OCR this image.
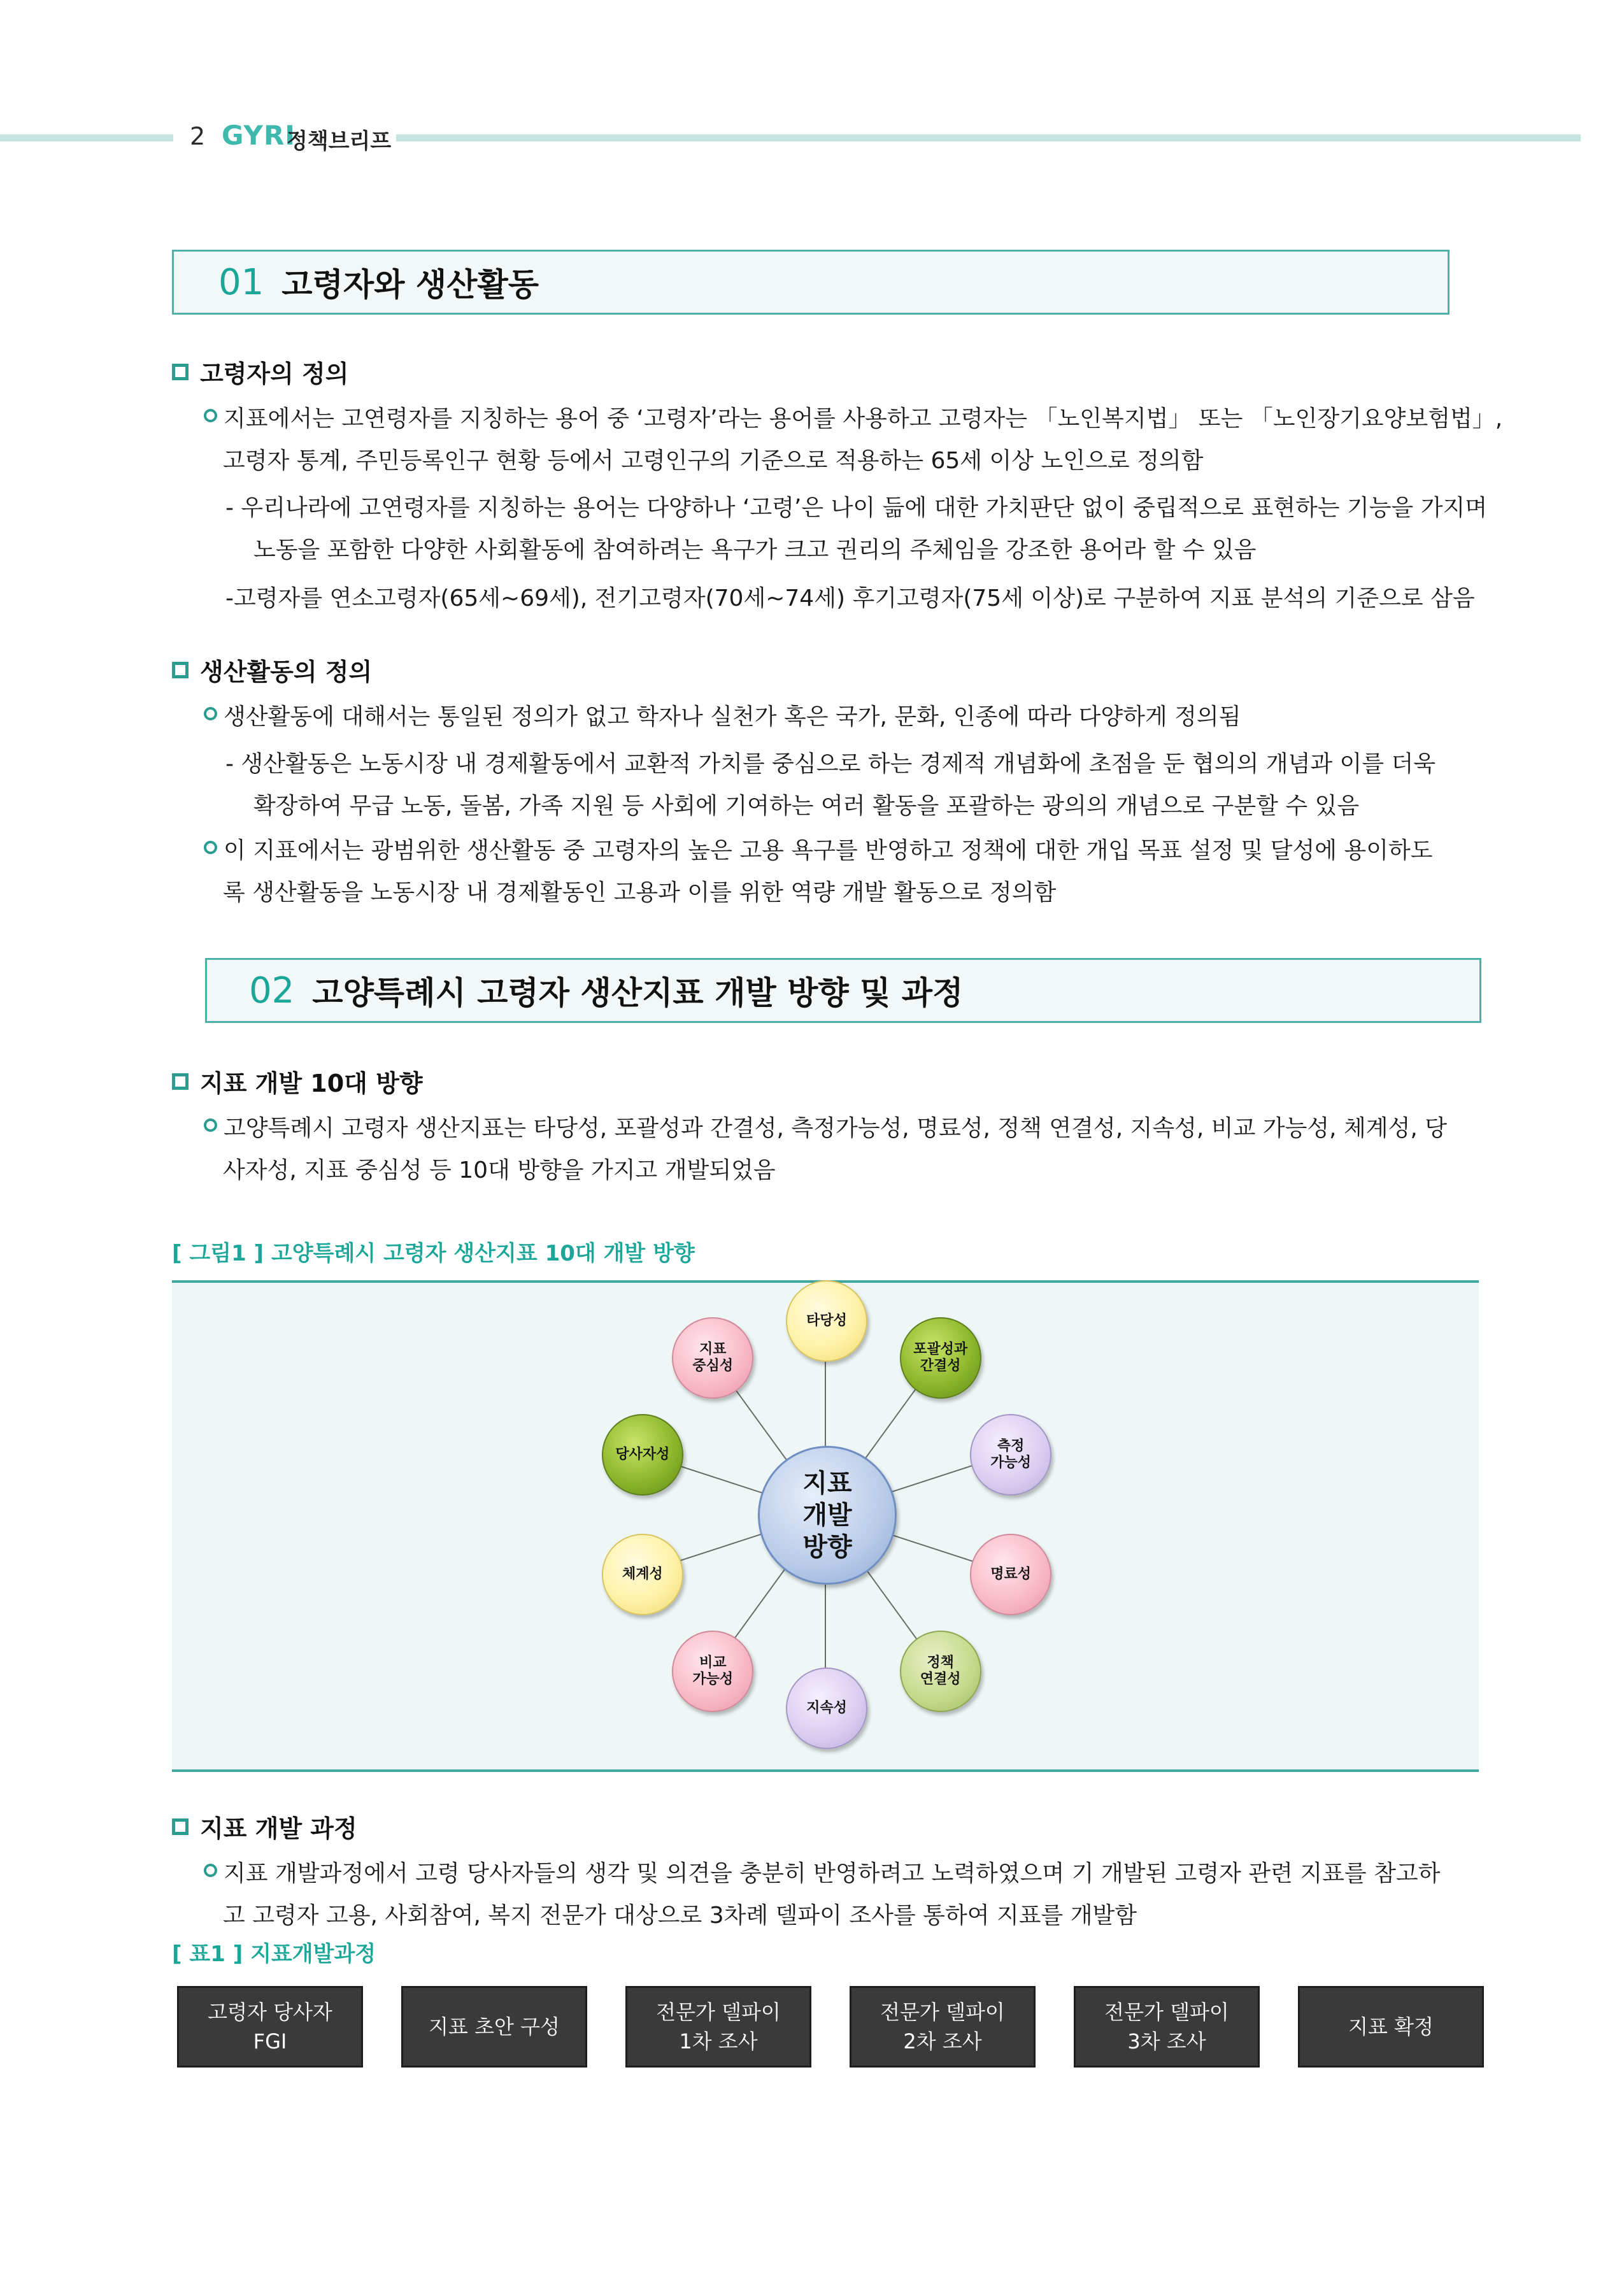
2 GYRI
정책브리프
01 고령자와 생산활동
고령자의 정의
지표에서는 고연령자를 지칭하는 용어 중 ‘고령자’라는 용어를 사용하고 고령자는 「노인복지법」 또는 「노인장기요양보험법」,
고령자 통계, 주민등록인구 현황 등에서 고령인구의 기준으로 적용하는 65세 이상 노인으로 정의함
- 우리나라에 고연령자를 지칭하는 용어는 다양하나 ‘고령’은 나이 듦에 대한 가치판단 없이 중립적으로 표현하는 기능을 가지며
노동을 포함한 다양한 사회활동에 참여하려는 욕구가 크고 권리의 주체임을 강조한 용어라 할 수 있음
-고령자를 연소고령자(65세~69세), 전기고령자(70세~74세) 후기고령자(75세 이상)로 구분하여 지표 분석의 기준으로 삼음
생산활동의 정의
생산활동에 대해서는 통일된 정의가 없고 학자나 실천가 혹은 국가, 문화, 인종에 따라 다양하게 정의됨
- 생산활동은 노동시장 내 경제활동에서 교환적 가치를 중심으로 하는 경제적 개념화에 초점을 둔 협의의 개념과 이를 더욱
확장하여 무급 노동, 돌봄, 가족 지원 등 사회에 기여하는 여러 활동을 포괄하는 광의의 개념으로 구분할 수 있음
이 지표에서는 광범위한 생산활동 중 고령자의 높은 고용 욕구를 반영하고 정책에 대한 개입 목표 설정 및 달성에 용이하도
록 생산활동을 노동시장 내 경제활동인 고용과 이를 위한 역량 개발 활동으로 정의함
02 고양특례시 고령자 생산지표 개발 방향 및 과정
지표 개발 10대 방향
고양특례시 고령자 생산지표는 타당성, 포괄성과 간결성, 측정가능성, 명료성, 정책 연결성, 지속성, 비교 가능성, 체계성, 당
사자성, 지표 중심성 등 10대 방향을 가지고 개발되었음
[ 그림1 ] 고양특례시 고령자 생산지표 10대 개발 방향
타당성
포괄성과
간결성
측정
가능성
명료성
정책
연결성
지속성
비교
가능성
체계성
당사자성
지표
중심성
지표
개발
방향
지표 개발 과정
지표 개발과정에서 고령 당사자들의 생각 및 의견을 충분히 반영하려고 노력하였으며 기 개발된 고령자 관련 지표를 참고하
고 고령자 고용, 사회참여, 복지 전문가 대상으로 3차례 델파이 조사를 통하여 지표를 개발함
[ 표1 ] 지표개발과정
고령자 당사자
FGI
지표 초안 구성
전문가 델파이
1차 조사
전문가 델파이
2차 조사
전문가 델파이
3차 조사
지표 확정
